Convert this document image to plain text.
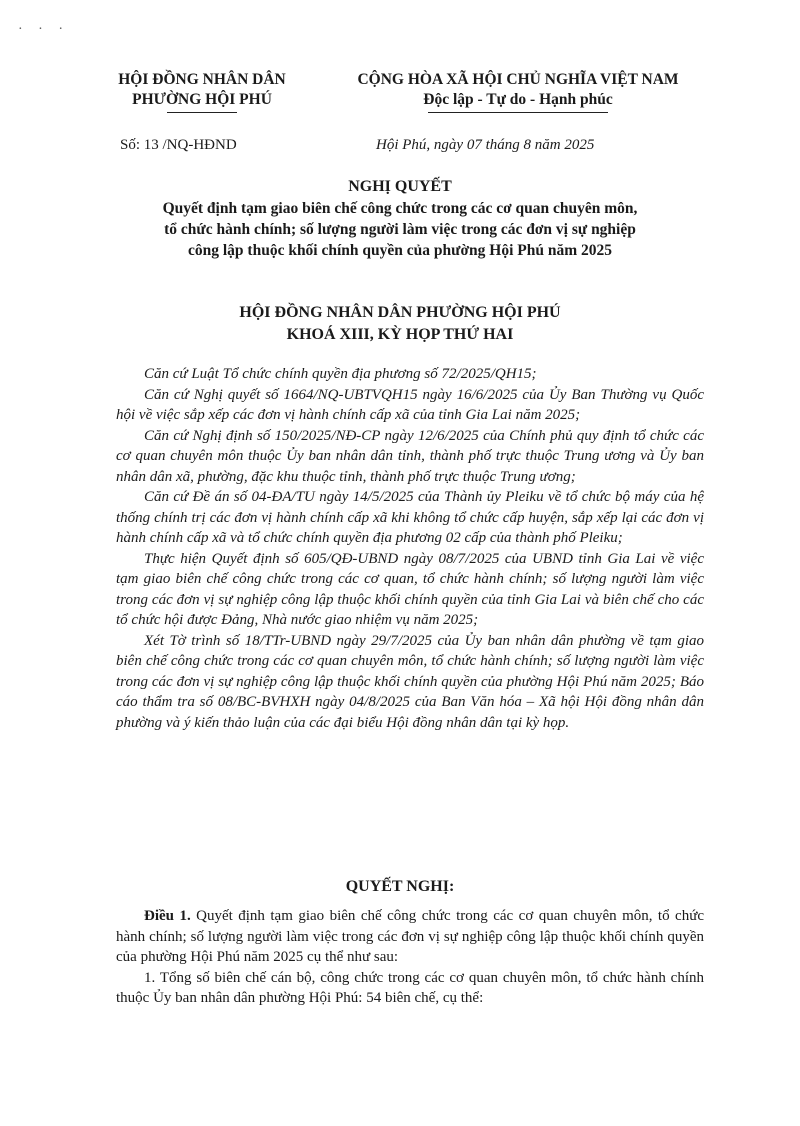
· · ·
HỘI ĐỒNG NHÂN DÂN
PHƯỜNG HỘI PHÚ
CỘNG HÒA XÃ HỘI CHỦ NGHĨA VIỆT NAM
Độc lập - Tự do - Hạnh phúc
Số: 13 /NQ-HĐND	Hội Phú, ngày 07 tháng 8 năm 2025
NGHỊ QUYẾT
Quyết định tạm giao biên chế công chức trong các cơ quan chuyên môn,
tổ chức hành chính; số lượng người làm việc trong các đơn vị sự nghiệp
công lập thuộc khối chính quyền của phường Hội Phú năm 2025
HỘI ĐỒNG NHÂN DÂN PHƯỜNG HỘI PHÚ
KHOÁ XIII, KỲ HỌP THỨ HAI

Căn cứ Luật Tổ chức chính quyền địa phương số 72/2025/QH15;

Căn cứ Nghị quyết số 1664/NQ-UBTVQH15 ngày 16/6/2025 của Ủy Ban Thường vụ Quốc hội về việc sắp xếp các đơn vị hành chính cấp xã của tỉnh Gia Lai năm 2025;

Căn cứ Nghị định số 150/2025/NĐ-CP ngày 12/6/2025 của Chính phủ quy định tổ chức các cơ quan chuyên môn thuộc Ủy ban nhân dân tỉnh, thành phố trực thuộc Trung ương và Ủy ban nhân dân xã, phường, đặc khu thuộc tỉnh, thành phố trực thuộc Trung ương;

Căn cứ Đề án số 04-ĐA/TU ngày 14/5/2025 của Thành ủy Pleiku về tổ chức bộ máy của hệ thống chính trị các đơn vị hành chính cấp xã khi không tổ chức cấp huyện, sắp xếp lại các đơn vị hành chính cấp xã và tổ chức chính quyền địa phương 02 cấp của thành phố Pleiku;

Thực hiện Quyết định số 605/QĐ-UBND ngày 08/7/2025 của UBND tỉnh Gia Lai về việc tạm giao biên chế công chức trong các cơ quan, tổ chức hành chính; số lượng người làm việc trong các đơn vị sự nghiệp công lập thuộc khối chính quyền của tỉnh Gia Lai và biên chế cho các tổ chức hội được Đảng, Nhà nước giao nhiệm vụ năm 2025;

Xét Tờ trình số 18/TTr-UBND ngày 29/7/2025 của Ủy ban nhân dân phường về tạm giao biên chế công chức trong các cơ quan chuyên môn, tổ chức hành chính; số lượng người làm việc trong các đơn vị sự nghiệp công lập thuộc khối chính quyền của phường Hội Phú năm 2025; Báo cáo thẩm tra số 08/BC-BVHXH ngày 04/8/2025 của Ban Văn hóa – Xã hội Hội đồng nhân dân phường và ý kiến thảo luận của các đại biểu Hội đồng nhân dân tại kỳ họp.

QUYẾT NGHỊ:

Điều 1. Quyết định tạm giao biên chế công chức trong các cơ quan chuyên môn, tổ chức hành chính; số lượng người làm việc trong các đơn vị sự nghiệp công lập thuộc khối chính quyền của phường Hội Phú năm 2025 cụ thể như sau:

1. Tổng số biên chế cán bộ, công chức trong các cơ quan chuyên môn, tổ chức hành chính thuộc Ủy ban nhân dân phường Hội Phú: 54 biên chế, cụ thể:
